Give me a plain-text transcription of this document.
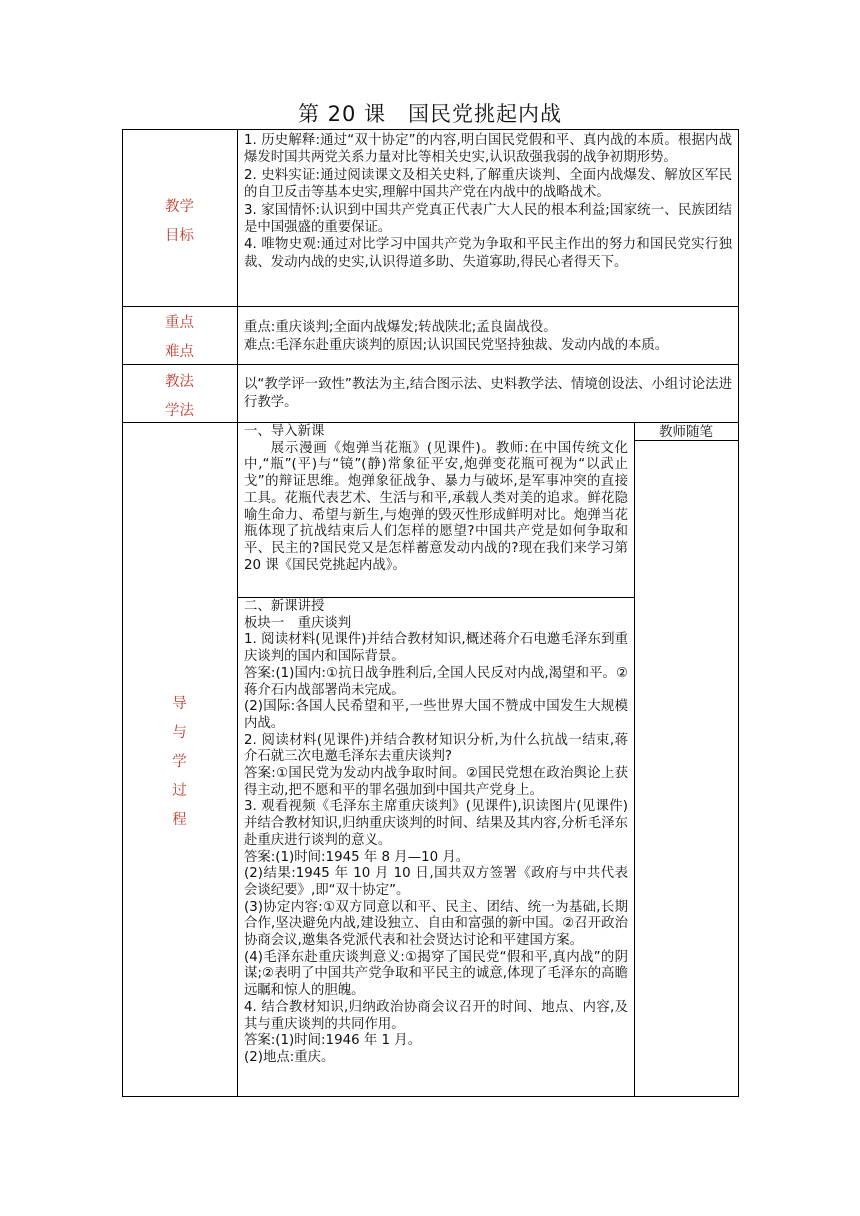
第 20 课　国民党挑起内战
教学
目标

1. 历史解释:通过“双十协定”的内容,明白国民党假和平、真内战的本质。根据内战爆发时国共两党关系力量对比等相关史实,认识敌强我弱的战争初期形势。

2. 史料实证:通过阅读课文及相关史料,了解重庆谈判、全面内战爆发、解放区军民的自卫反击等基本史实,理解中国共产党在内战中的战略战术。

3. 家国情怀:认识到中国共产党真正代表广大人民的根本利益;国家统一、民族团结是中国强盛的重要保证。

4. 唯物史观:通过对比学习中国共产党为争取和平民主作出的努力和国民党实行独裁、发动内战的史实,认识得道多助、失道寡助,得民心者得天下。

重点
难点

重点:重庆谈判;全面内战爆发;转战陕北;孟良崮战役。

难点:毛泽东赴重庆谈判的原因;认识国民党坚持独裁、发动内战的本质。

教法
学法

以“教学评一致性”教法为主,结合图示法、史料教学法、情境创设法、小组讨论法进行教学。

导
与
学
过
程
教师随笔

一、导入新课

展示漫画《炮弹当花瓶》(见课件)。教师:在中国传统文化中,“瓶”(平)与“镜”(静)常象征平安,炮弹变花瓶可视为“以武止戈”的辩证思维。炮弹象征战争、暴力与破坏,是军事冲突的直接工具。花瓶代表艺术、生活与和平,承载人类对美的追求。鲜花隐喻生命力、希望与新生,与炮弹的毁灭性形成鲜明对比。炮弹当花瓶体现了抗战结束后人们怎样的愿望?中国共产党是如何争取和平、民主的?国民党又是怎样蓄意发动内战的?现在我们来学习第 20 课《国民党挑起内战》。

二、新课讲授

板块一　重庆谈判

1. 阅读材料(见课件)并结合教材知识,概述蒋介石电邀毛泽东到重庆谈判的国内和国际背景。

答案:(1)国内:①抗日战争胜利后,全国人民反对内战,渴望和平。②蒋介石内战部署尚未完成。

(2)国际:各国人民希望和平,一些世界大国不赞成中国发生大规模内战。

2. 阅读材料(见课件)并结合教材知识分析,为什么抗战一结束,蒋介石就三次电邀毛泽东去重庆谈判?

答案:①国民党为发动内战争取时间。②国民党想在政治舆论上获得主动,把不愿和平的罪名强加到中国共产党身上。

3. 观看视频《毛泽东主席重庆谈判》(见课件),识读图片(见课件)并结合教材知识,归纳重庆谈判的时间、结果及其内容,分析毛泽东赴重庆进行谈判的意义。

答案:(1)时间:1945 年 8 月—10 月。

(2)结果:1945 年 10 月 10 日,国共双方签署《政府与中共代表会谈纪要》,即“双十协定”。

(3)协定内容:①双方同意以和平、民主、团结、统一为基础,长期合作,坚决避免内战,建设独立、自由和富强的新中国。②召开政治协商会议,邀集各党派代表和社会贤达讨论和平建国方案。

(4)毛泽东赴重庆谈判意义:①揭穿了国民党“假和平,真内战”的阴谋;②表明了中国共产党争取和平民主的诚意,体现了毛泽东的高瞻远瞩和惊人的胆魄。

4. 结合教材知识,归纳政治协商会议召开的时间、地点、内容,及其与重庆谈判的共同作用。

答案:(1)时间:1946 年 1 月。

(2)地点:重庆。
